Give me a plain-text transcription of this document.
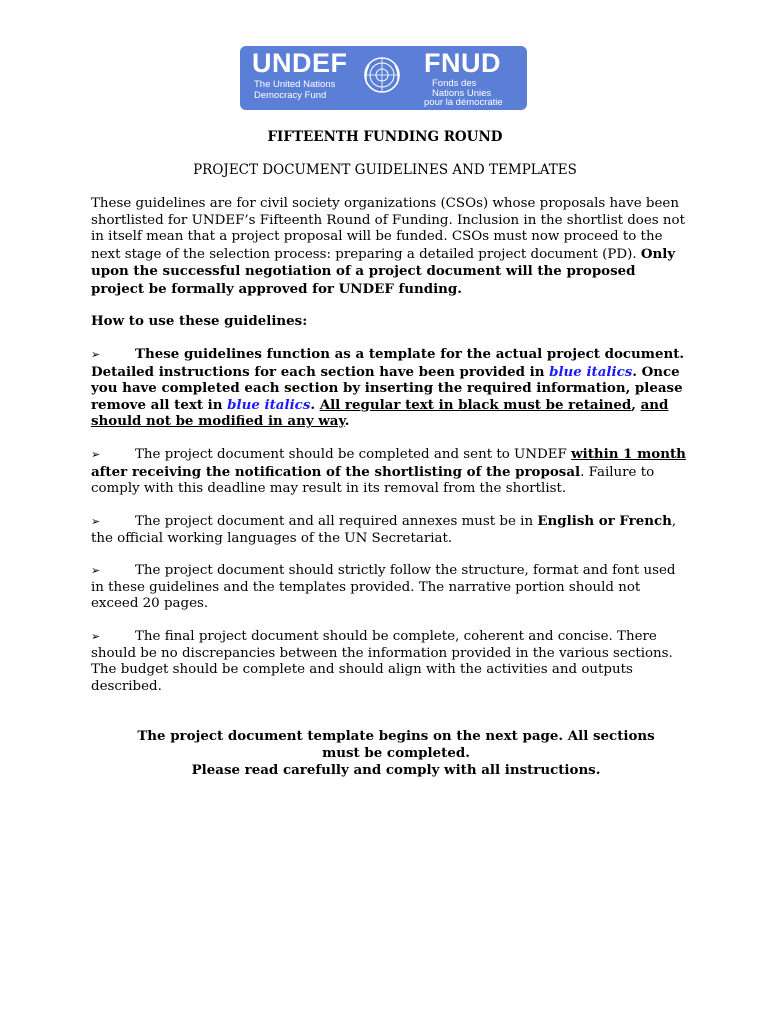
UNDEF
The United Nations
Democracy Fund
FNUD
Fonds des
Nations Unies
pour la démocratie
FIFTEENTH FUNDING ROUND
PROJECT DOCUMENT GUIDELINES AND TEMPLATES
These guidelines are for civil society organizations (CSOs) whose proposals have been shortlisted for UNDEF’s Fifteenth Round of Funding. Inclusion in the shortlist does not in itself mean that a project proposal will be funded. CSOs must now proceed to the next stage of the selection process: preparing a detailed project document (PD). Only upon the successful negotiation of a project document will the proposed project be formally approved for UNDEF funding.
How to use these guidelines:
➢	These guidelines function as a template for the actual project document. Detailed instructions for each section have been provided in blue italics. Once you have completed each section by inserting the required information, please remove all text in blue italics. All regular text in black must be retained, and should not be modified in any way.
➢	The project document should be completed and sent to UNDEF within 1 month after receiving the notification of the shortlisting of the proposal. Failure to comply with this deadline may result in its removal from the shortlist.
➢	The project document and all required annexes must be in English or French, the official working languages of the UN Secretariat.
➢	The project document should strictly follow the structure, format and font used in these guidelines and the templates provided. The narrative portion should not exceed 20 pages.
➢	The final project document should be complete, coherent and concise. There should be no discrepancies between the information provided in the various sections. The budget should be complete and should align with the activities and outputs described.
The project document template begins on the next page. All sections
must be completed.
Please read carefully and comply with all instructions.
